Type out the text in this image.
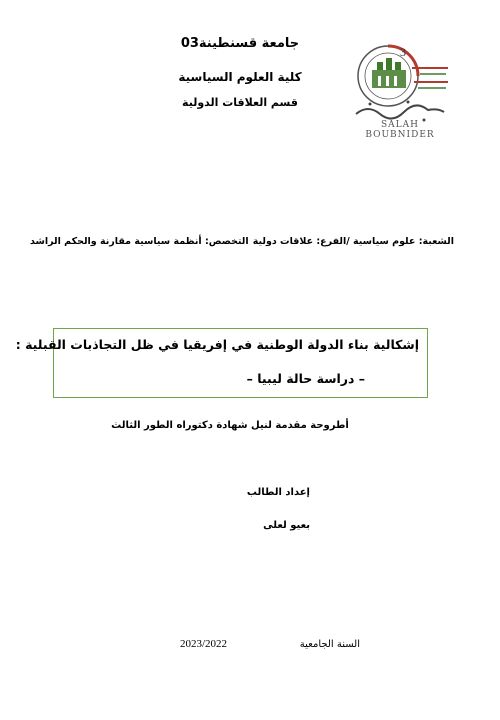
جامعة قسنطينة03
كلية العلوم السياسية
قسم العلاقات الدولية
3
SALAH BOUBNIDER
الشعبة: علوم سياسية /الفرع: علاقات دولية
التخصص: أنظمة سياسية مقارنة والحكم الراشد
إشكالية بناء الدولة الوطنية في إفريقيا في ظل التجاذبات القبلية :
– دراسة حالة ليبيا –
أطروحة مقدمة لنيل شهادة دكتوراه الطور الثالث
إعداد الطالب
بعيو لعلى
السنة الجامعية
2023/2022
